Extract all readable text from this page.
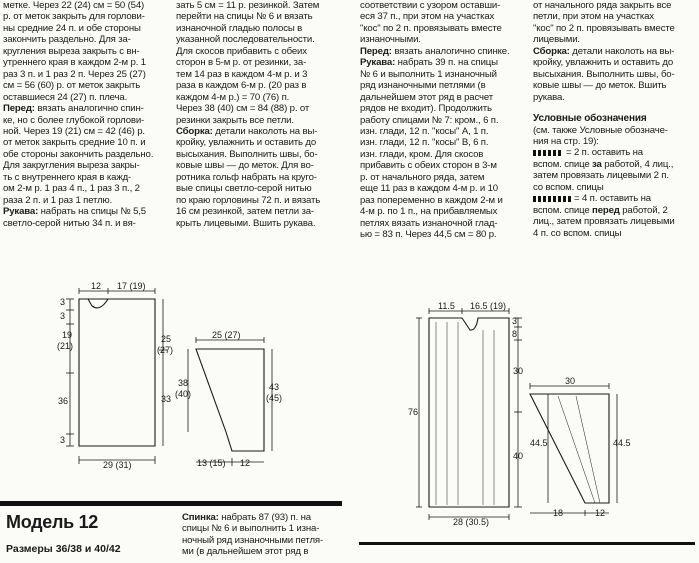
метке. Через 22 (24) см = 50 (54)

р. от меток закрыть для горлови-

ны средние 24 п. и обе стороны

закончить раздельно. Для за-

кругления выреза закрыть с вн-

утреннего края в каждом 2-м р. 1

раз 3 п. и 1 раз 2 п. Через 25 (27)

см = 56 (60) р. от меток закрыть

оставшиеся 24 (27) п. плеча.

Перед: вязать аналогично спин-

ке, но с более глубокой горлови-

ной. Через 19 (21) см = 42 (46) р.

от меток закрыть средние 10 п. и

обе стороны закончить раздельно.

Для закругления выреза закры-

ть с внутреннего края в кажд-

ом 2-м р. 1 раз 4 п., 1 раз 3 п., 2

раза 2 п. и 1 раз 1 петлю.

Рукава: набрать на спицы № 5,5

светло-серой нитью 34 п. и вя-

зать 5 см = 11 р. резинкой. Затем

перейти на спицы № 6 и вязать

изнаночной гладью полосы в

указанной последовательности.

Для скосов прибавить с обеих

сторон в 5-м р. от резинки, за-

тем 14 раз в каждом 4-м р. и 3

раза в каждом 6-м р. (20 раз в

каждом 4-м р.) = 70 (76) п.

Через 38 (40) см = 84 (88) р. от

резинки закрыть все петли.

Сборка: детали наколоть на вы-

кройку, увлажнить и оставить до

высыхания. Выполнить швы, бо-

ковые швы — до меток. Для во-

ротника гольф набрать на круго-

вые спицы светло-серой нитью

по краю горловины 72 п. и вязать

16 см резинкой, затем петли за-

крыть лицевыми. Вшить рукава.

соответствии с узором оставши-

еся 37 п., при этом на участках

"кос" по 2 п. провязывать вместе

изнаночными.

Перед: вязать аналогично спинке.

Рукава: набрать 39 п. на спицы

№ 6 и выполнить 1 изнаночный

ряд изнаночными петлями (в

дальнейшем этот ряд в расчет

рядов не входит). Продолжить

работу спицами № 7: кром., 6 п.

изн. глади, 12 п. "косы" А, 1 п.

изн. глади, 12 п. "косы" В, 6 п.

изн. глади, кром. Для скосов

прибавить с обеих сторон в 3-м

р. от начального ряда, затем

еще 11 раз в каждом 4-м р. и 10

раз попеременно в каждом 2-м и

4-м р. по 1 п., на прибавляемых

петлях вязать изнаночной глад-

ью = 83 п. Через 44,5 см = 80 р.

от начального ряда закрыть все

петли, при этом на участках

"кос" по 2 п. провязывать вместе

лицевыми.

Сборка: детали наколоть на вы-

кройку, увлажнить и оставить до

высыхания. Выполнить швы, бо-

ковые швы — до меток. Вшить

рукава.

Условные обозначения

(см. также Условные обозначе-

ния на стр. 19):

= 2 п. оставить на

вспом. спице за работой, 4 лиц.,

затем провязать лицевыми 2 п.

со вспом. спицы

= 4 п. оставить на

вспом. спице перед работой, 2

лиц., затем провязать лицевыми

4 п. со вспом. спицы

Модель 12
Размеры 36/38 и 40/42

Спинка: набрать 87 (93) п. на

спицы № 6 и выполнить 1 изна-

ночный ряд изнаночными петля-

ми (в дальнейшем этот ряд в

12 17 (19)
3
3
19
(21)
36
3
25
(27)
33
29 (31)
25 (27)
38
(40)
43
(45)
13 (15) 12
11.5 16.5 (19)
3
8
30
40
76
28 (30.5)
30
44.5	44.5
18	12
